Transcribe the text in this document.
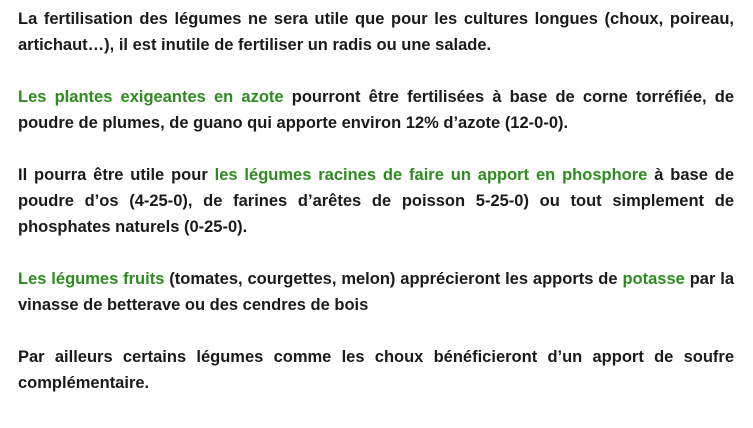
La fertilisation des légumes ne sera utile que pour les cultures longues (choux, poireau, artichaut…), il est inutile de fertiliser un radis ou une salade.

Les plantes exigeantes en azote pourront être fertilisées à base de corne torréfiée, de poudre de plumes, de guano qui apporte environ 12% d’azote (12-0-0).

Il pourra être utile pour les légumes racines de faire un apport en phosphore à base de poudre d’os (4-25-0), de farines d’arêtes de poisson 5-25-0) ou tout simplement de phosphates naturels (0-25-0).

Les légumes fruits (tomates, courgettes, melon) apprécieront les apports de potasse par la vinasse de betterave ou des cendres de bois

Par ailleurs certains légumes comme les choux bénéficieront d’un apport de soufre complémentaire.
